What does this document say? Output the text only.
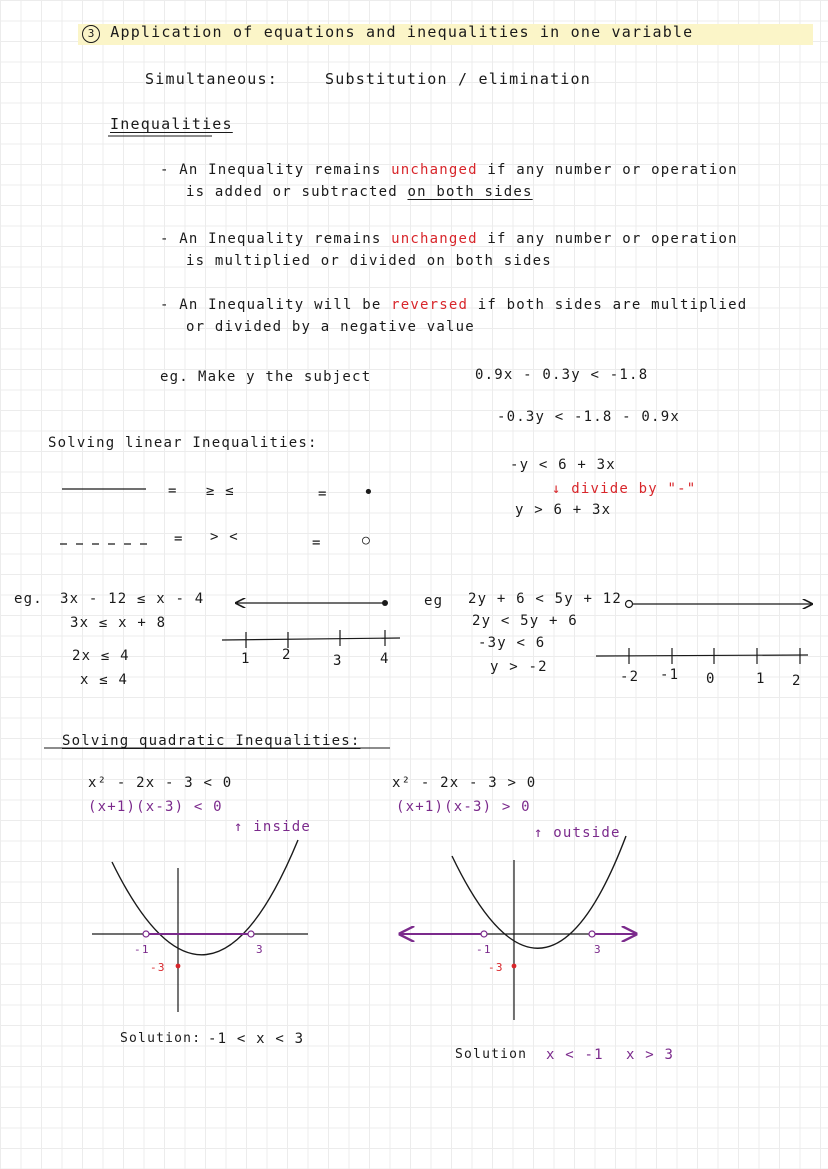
3 Application of equations and inequalities in one variable
Simultaneous:	Substitution / elimination
Inequalities
- An Inequality remains unchanged if any number or operation
is added or subtracted on both sides
- An Inequality remains unchanged if any number or operation
is multiplied or divided on both sides
- An Inequality will be reversed if both sides are multiplied
or divided by a negative value
eg. Make y the subject	0.9x - 0.3y < -1.8
-0.3y < -1.8 - 0.9x
-y < 6 + 3x
↓ divide by "-"
y > 6 + 3x
Solving linear Inequalities:
= ≥ ≤	= •
= > <	=	○
eg. 3x - 12 ≤ x - 4
3x ≤ x + 8
2x ≤ 4
x ≤ 4
1 2	3	4
eg 2y + 6 < 5y + 12
2y < 5y + 6
-3y < 6
y > -2
-2 -1 0	1 2
Solving quadratic Inequalities:
x² - 2x - 3 < 0
(x+1)(x-3) < 0
↑ inside
-1	3
-3
Solution: -1 < x < 3
x² - 2x - 3 > 0
(x+1)(x-3) > 0
↑ outside
-1	3
-3
Solution x < -1 x > 3
